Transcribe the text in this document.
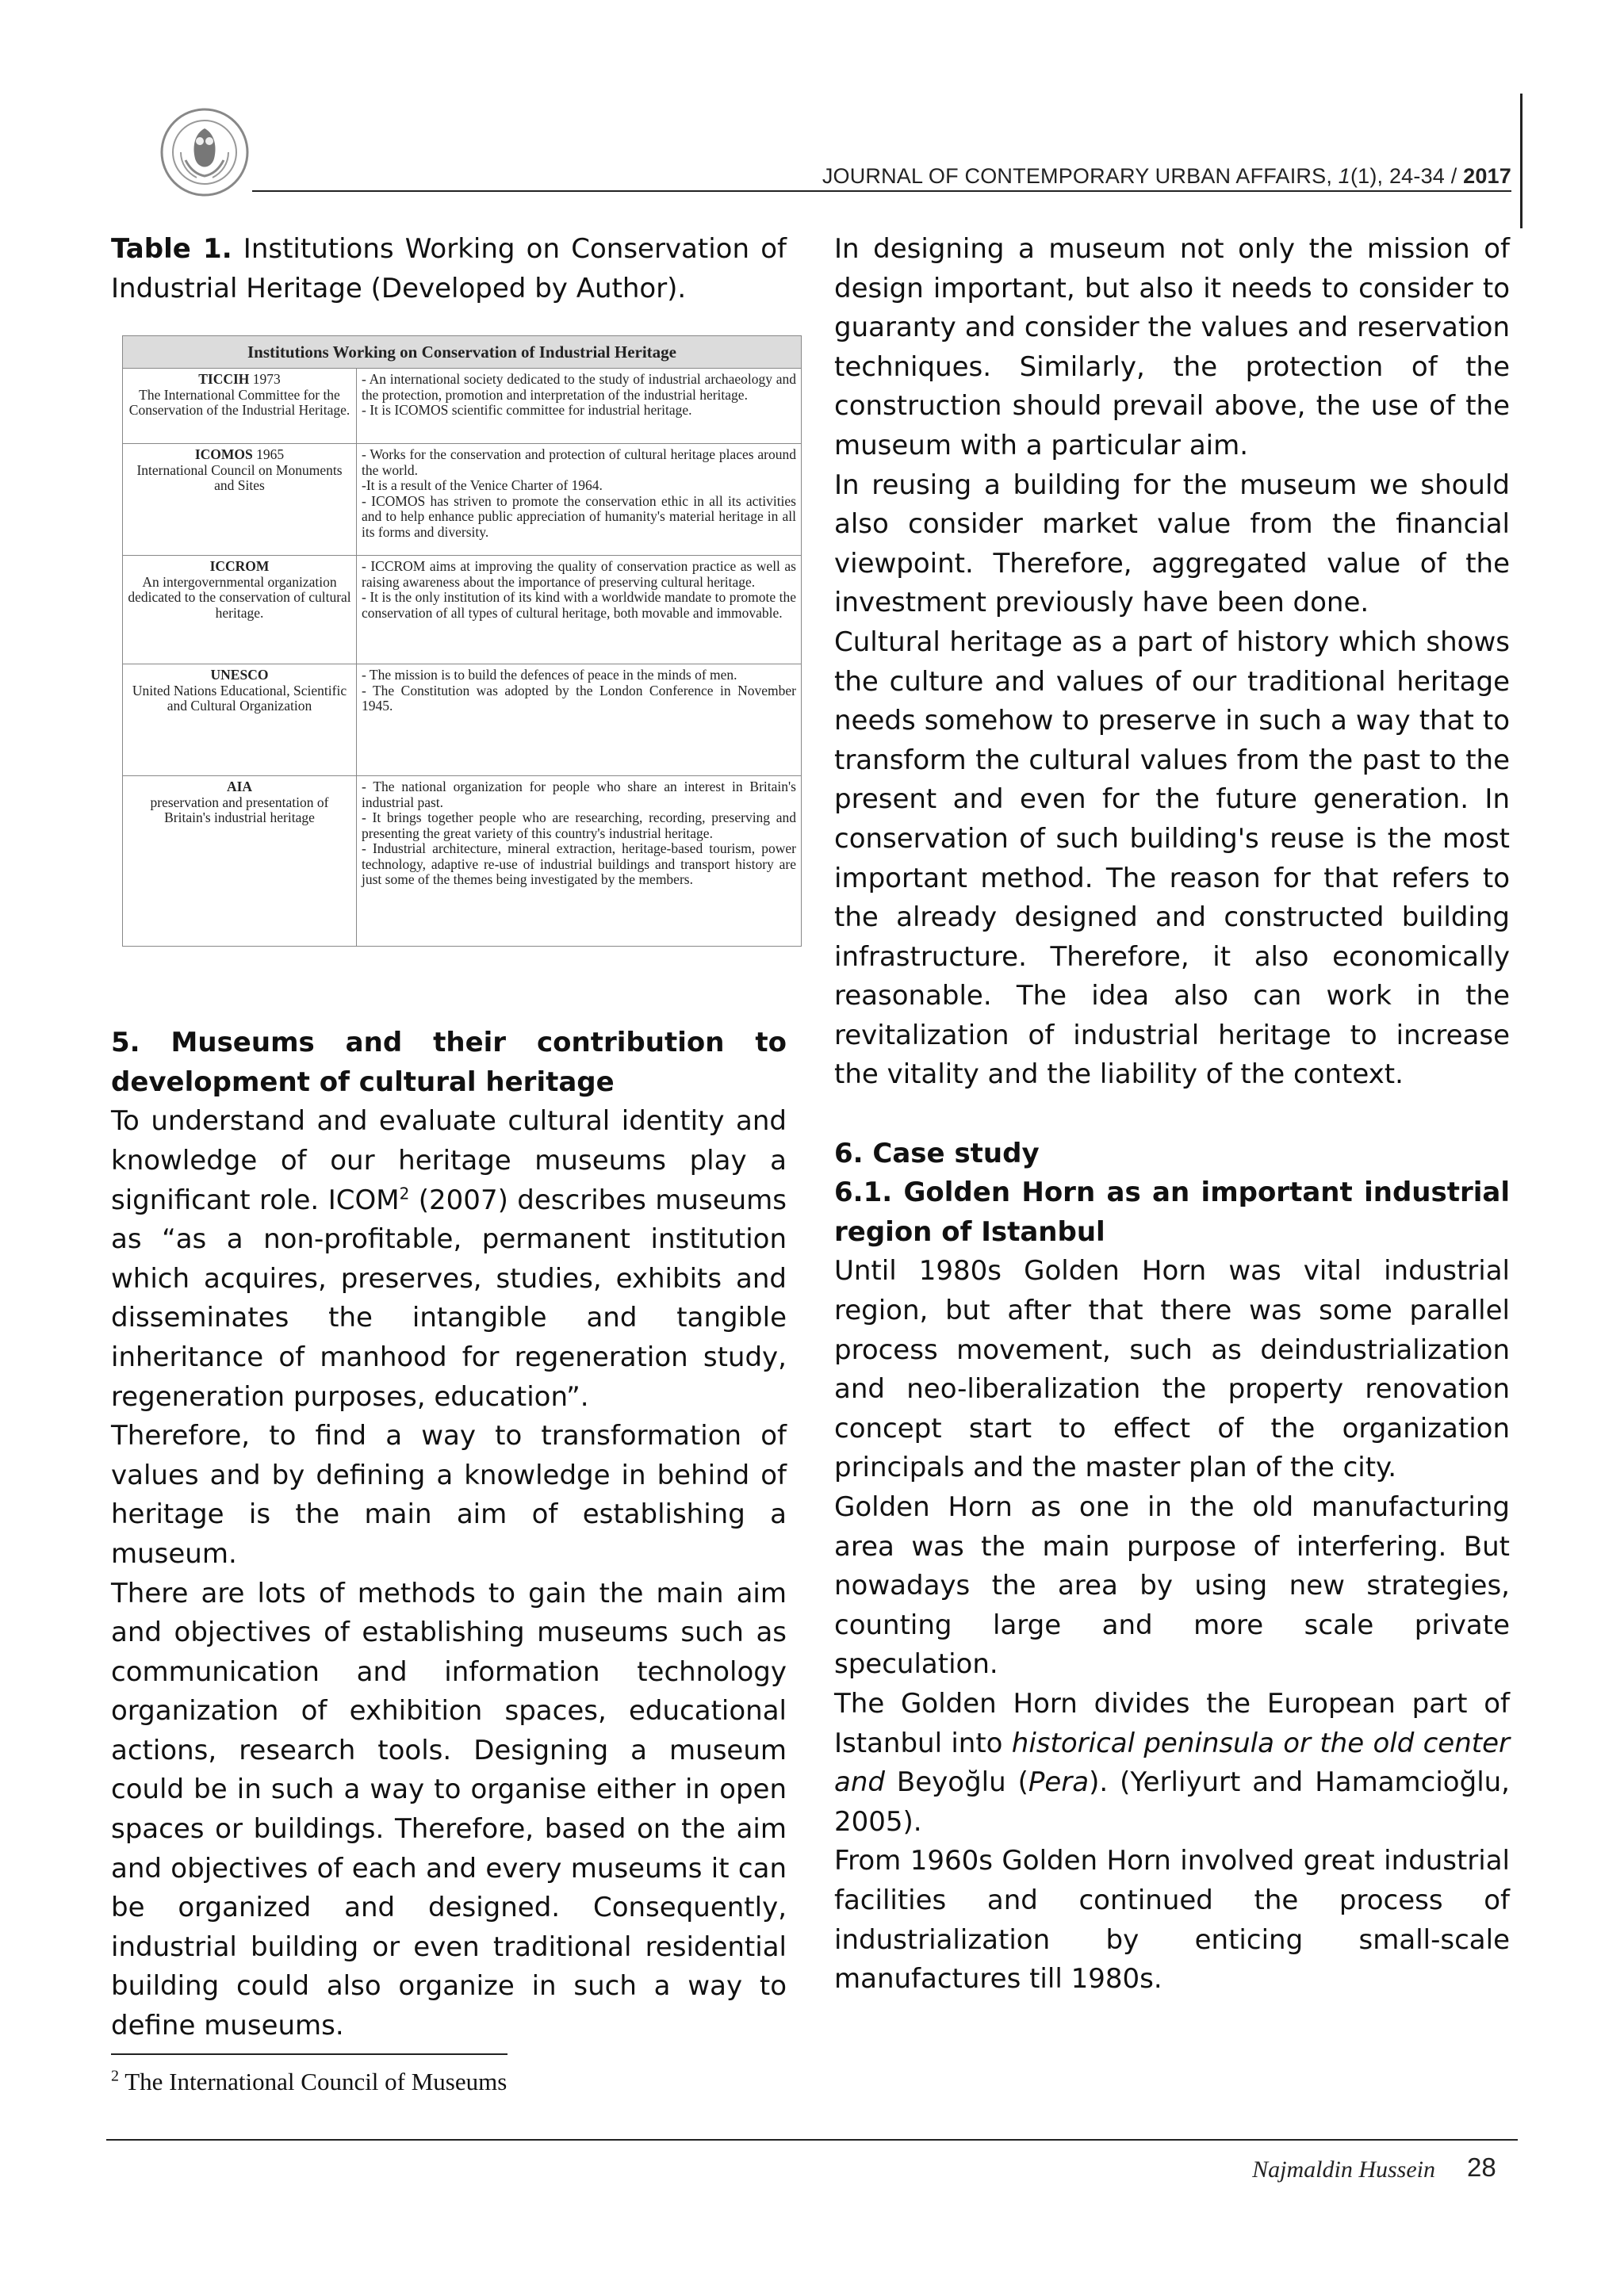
JOURNAL OF CONTEMPORARY URBAN AFFAIRS, 1(1), 24-34 / 2017

Table 1. Institutions Working on Conservation of Industrial Heritage (Developed by Author).

5. Museums and their contribution to development of cultural heritage

To understand and evaluate cultural identity and knowledge of our heritage museums play a significant role. ICOM$^2$ (2007) describes museums as “as a non-profitable, permanent institution which acquires, preserves, studies, exhibits and disseminates the intangible and tangible inheritance of manhood for regeneration study, regeneration purposes, education”.

Therefore, to find a way to transformation of values and by defining a knowledge in behind of heritage is the main aim of establishing a museum.

There are lots of methods to gain the main aim and objectives of establishing museums such as communication and information technology organization of exhibition spaces, educational actions, research tools. Designing a museum could be in such a way to organise either in open spaces or buildings. Therefore, based on the aim and objectives of each and every museums it can be organized and designed. Consequently, industrial building or even traditional residential building could also organize in such a way to define museums.

Institutions Working on Conservation of Industrial Heritage
TICCIH 1973
The International Committee for the Conservation of the Industrial Heritage.
- An international society dedicated to the study of industrial archaeology and the protection, promotion and interpretation of the industrial heritage.
- It is ICOMOS scientific committee for industrial heritage.
ICOMOS 1965
International Council on Monuments and Sites
- Works for the conservation and protection of cultural heritage places around the world.
-It is a result of the Venice Charter of 1964.
- ICOMOS has striven to promote the conservation ethic in all its activities and to help enhance public appreciation of humanity's material heritage in all its forms and diversity.
ICCROM
An intergovernmental organization dedicated to the conservation of cultural heritage.
- ICCROM aims at improving the quality of conservation practice as well as raising awareness about the importance of preserving cultural heritage.
- It is the only institution of its kind with a worldwide mandate to promote the conservation of all types of cultural heritage, both movable and immovable.
UNESCO
United Nations Educational, Scientific and Cultural Organization
- The mission is to build the defences of peace in the minds of men.
- The Constitution was adopted by the London Conference in November 1945.
AIA
preservation and presentation of Britain's industrial heritage
- The national organization for people who share an interest in Britain's industrial past.
- It brings together people who are researching, recording, preserving and presenting the great variety of this country's industrial heritage.
- Industrial architecture, mineral extraction, heritage-based tourism, power technology, adaptive re-use of industrial buildings and transport history are just some of the themes being investigated by the members.

In designing a museum not only the mission of design important, but also it needs to consider to guaranty and consider the values and reservation techniques. Similarly, the protection of the construction should prevail above, the use of the museum with a particular aim.

In reusing a building for the museum we should also consider market value from the financial viewpoint. Therefore, aggregated value of the investment previously have been done.

Cultural heritage as a part of history which shows the culture and values of our traditional heritage needs somehow to preserve in such a way that to transform the cultural values from the past to the present and even for the future generation. In conservation of such building's reuse is the most important method. The reason for that refers to the already designed and constructed building infrastructure. Therefore, it also economically reasonable. The idea also can work in the revitalization of industrial heritage to increase the vitality and the liability of the context.

6. Case study

6.1. Golden Horn as an important industrial region of Istanbul

Until 1980s Golden Horn was vital industrial region, but after that there was some parallel process movement, such as deindustrialization and neo-liberalization the property renovation concept start to effect of the organization principals and the master plan of the city.

Golden Horn as one in the old manufacturing area was the main purpose of interfering. But nowadays the area by using new strategies, counting large and more scale private speculation.

The Golden Horn divides the European part of Istanbul into historical peninsula or the old center and Beyoğlu (Pera). (Yerliyurt and Hamamcioğlu, 2005).

From 1960s Golden Horn involved great industrial facilities and continued the process of industrialization by enticing small-scale manufactures till 1980s.

$^2$ The International Council of Museums
Najmaldin Hussein 28
